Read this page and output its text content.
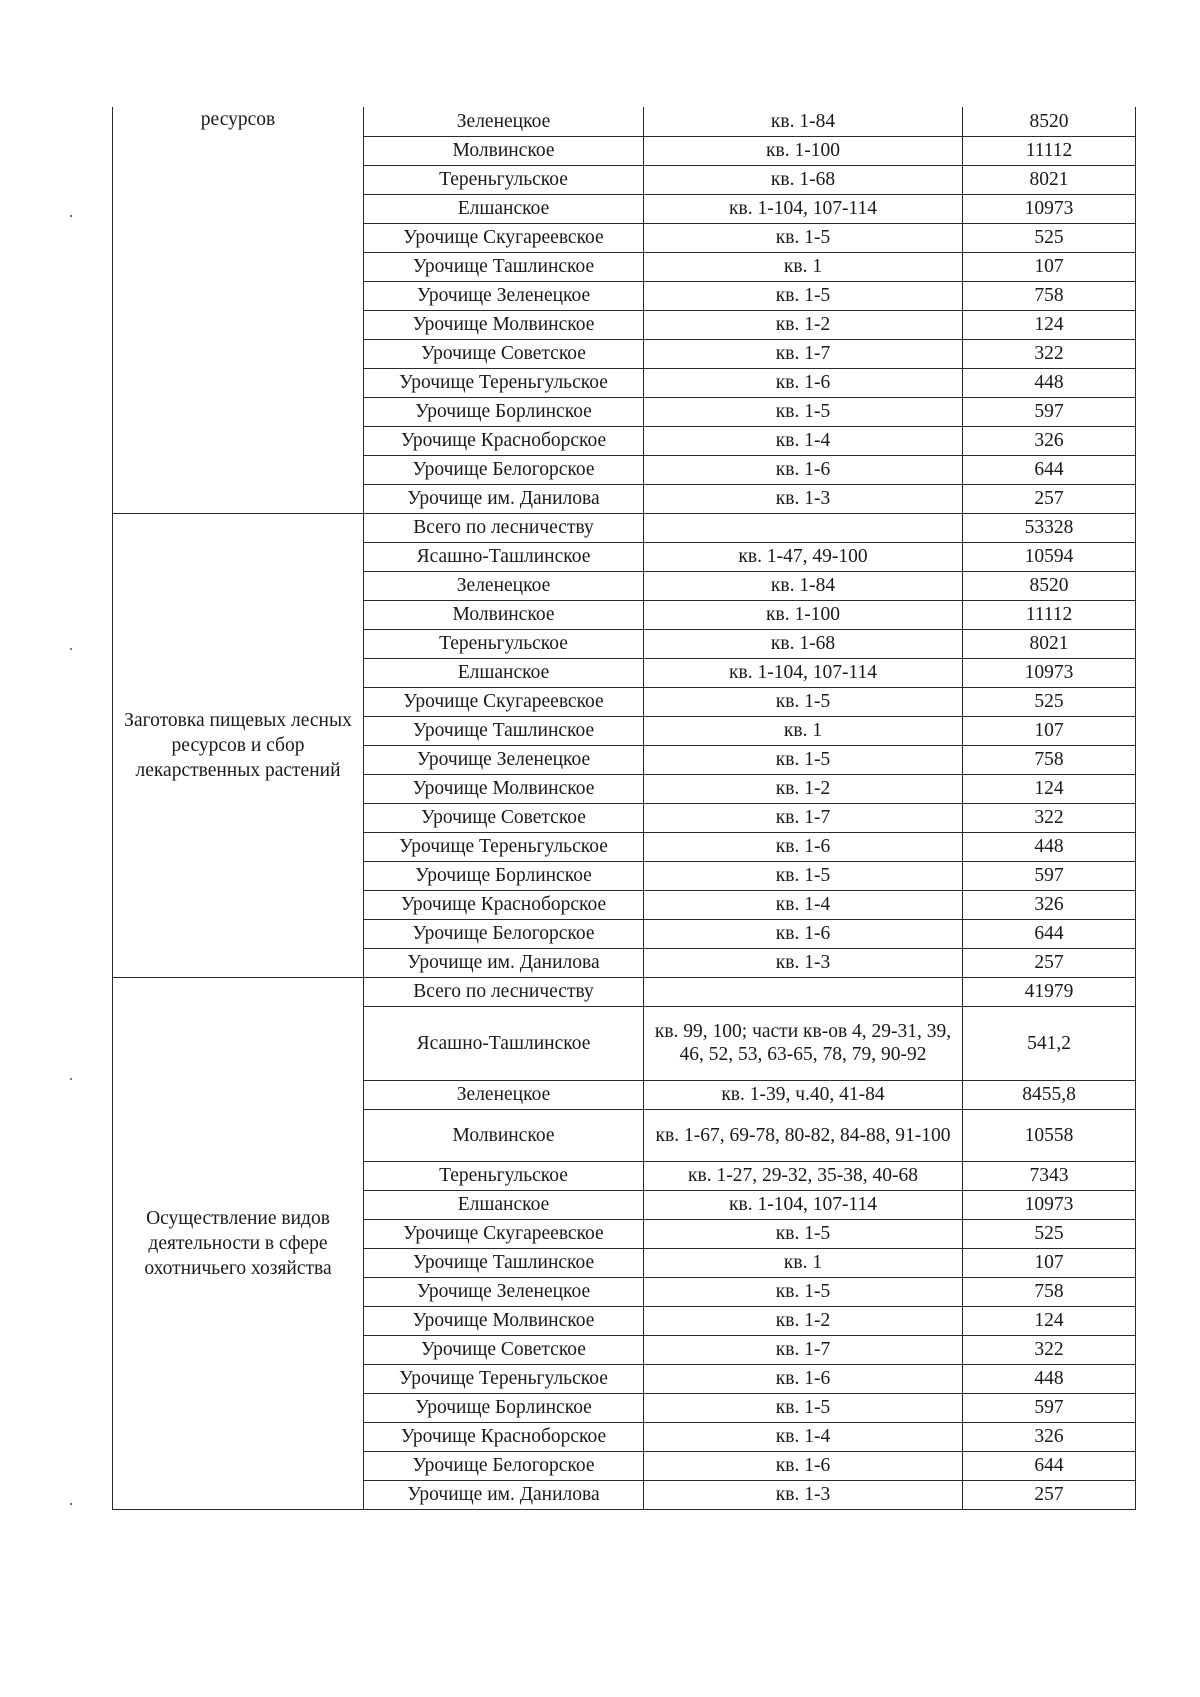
ресурсов	Зеленецкое	кв. 1-84	8520
	Молвинское	кв. 1-100	11112
	Тереньгульское	кв. 1-68	8021
	Елшанское	кв. 1-104, 107-114	10973
	Урочище Скугареевское	кв. 1-5	525
	Урочище Ташлинское	кв. 1	107
	Урочище Зеленецкое	кв. 1-5	758
	Урочище Молвинское	кв. 1-2	124
	Урочище Советское	кв. 1-7	322
	Урочище Тереньгульское	кв. 1-6	448
	Урочище Борлинское	кв. 1-5	597
	Урочище Красноборское	кв. 1-4	326
	Урочище Белогорское	кв. 1-6	644
	Урочище им. Данилова	кв. 1-3	257
Заготовка пищевых лесных ресурсов и сбор лекарственных растений	Всего по лесничеству		53328
	Ясашно-Ташлинское	кв. 1-47, 49-100	10594
	Зеленецкое	кв. 1-84	8520
	Молвинское	кв. 1-100	11112
	Тереньгульское	кв. 1-68	8021
	Елшанское	кв. 1-104, 107-114	10973
	Урочище Скугареевское	кв. 1-5	525
	Урочище Ташлинское	кв. 1	107
	Урочище Зеленецкое	кв. 1-5	758
	Урочище Молвинское	кв. 1-2	124
	Урочище Советское	кв. 1-7	322
	Урочище Тереньгульское	кв. 1-6	448
	Урочище Борлинское	кв. 1-5	597
	Урочище Красноборское	кв. 1-4	326
	Урочище Белогорское	кв. 1-6	644
	Урочище им. Данилова	кв. 1-3	257
Осуществление видов деятельности в сфере охотничьего хозяйства	Всего по лесничеству		41979
	Ясашно-Ташлинское	кв. 99, 100; части кв-ов 4, 29-31, 39, 46, 52, 53, 63-65, 78, 79, 90-92	541,2
	Зеленецкое	кв. 1-39, ч.40, 41-84	8455,8
	Молвинское	кв. 1-67, 69-78, 80-82, 84-88, 91-100	10558
	Тереньгульское	кв. 1-27, 29-32, 35-38, 40-68	7343
	Елшанское	кв. 1-104, 107-114	10973
	Урочище Скугареевское	кв. 1-5	525
	Урочище Ташлинское	кв. 1	107
	Урочище Зеленецкое	кв. 1-5	758
	Урочище Молвинское	кв. 1-2	124
	Урочище Советское	кв. 1-7	322
	Урочище Тереньгульское	кв. 1-6	448
	Урочище Борлинское	кв. 1-5	597
	Урочище Красноборское	кв. 1-4	326
	Урочище Белогорское	кв. 1-6	644
	Урочище им. Данилова	кв. 1-3	257
